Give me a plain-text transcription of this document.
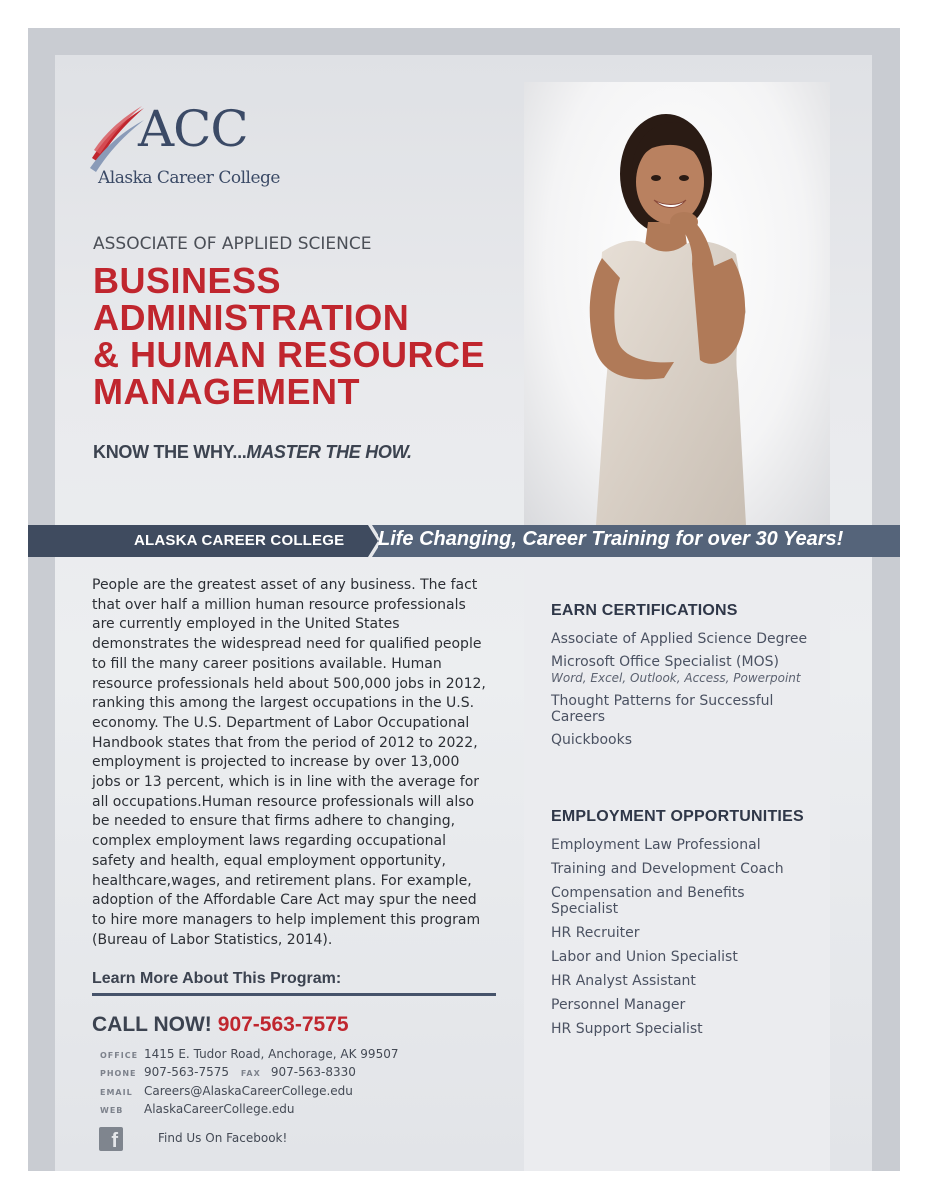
ACC
Alaska Career College
ASSOCIATE OF APPLIED SCIENCE
BUSINESS
ADMINISTRATION
& HUMAN RESOURCE
MANAGEMENT
KNOW THE WHY...MASTER THE HOW.
ALASKA CAREER COLLEGE Life Changing, Career Training for over 30 Years!

People are the greatest asset of any business. The fact that over half a million human resource professionals are currently employed in the United States demonstrates the widespread need for qualified people to fill the many career positions available. Human resource professionals held about 500,000 jobs in 2012, ranking this among the largest occupations in the U.S. economy. The U.S. Department of Labor Occupational Handbook states that from the period of 2012 to 2022, employment is projected to increase by over 13,000 jobs or 13 percent, which is in line with the average for all occupations.Human resource professionals will also be needed to ensure that firms adhere to changing, complex employment laws regarding occupational safety and health, equal employment opportunity, healthcare,wages, and retirement plans. For example, adoption of the Affordable Care Act may spur the need to hire more managers to help implement this program (Bureau of Labor Statistics, 2014).

Learn More About This Program:
CALL NOW! 907-563-7575
OFFICE 1415 E. Tudor Road, Anchorage, AK 99507
PHONE 907-563-7575 FAX 907-563-8330
EMAIL Careers@AlaskaCareerCollege.edu
WEB AlaskaCareerCollege.edu
f	Find Us On Facebook!
EARN CERTIFICATIONS
Associate of Applied Science Degree
Microsoft Office Specialist (MOS)
Word, Excel, Outlook, Access, Powerpoint
Thought Patterns for Successful Careers
Quickbooks
EMPLOYMENT OPPORTUNITIES
Employment Law Professional
Training and Development Coach
Compensation and Benefits Specialist
HR Recruiter
Labor and Union Specialist
HR Analyst Assistant
Personnel Manager
HR Support Specialist
